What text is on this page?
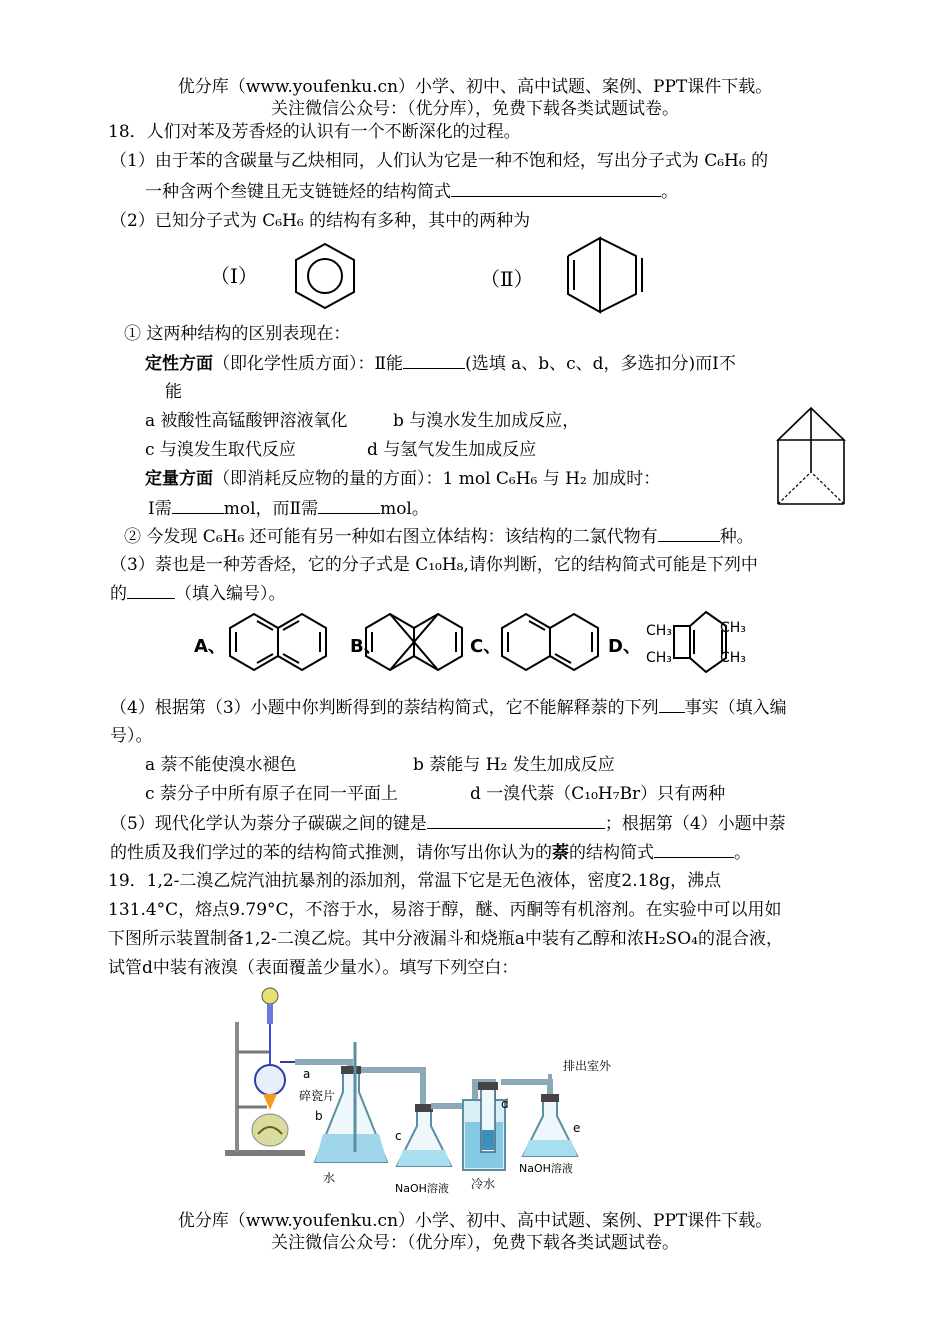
优分库（www.youfenku.cn）小学、初中、高中试题、案例、PPT课件下载。
关注微信公众号：（优分库），免费下载各类试题试卷。
18．人们对苯及芳香烃的认识有一个不断深化的过程。
（1）由于苯的含碳量与乙炔相同，人们认为它是一种不饱和烃，写出分子式为 C₆H₆ 的
一种含两个叁键且无支链链烃的结构简式	。
（2）已知分子式为 C₆H₆ 的结构有多种，其中的两种为
（Ⅰ）	（Ⅱ）
① 这两种结构的区别表现在：
定性方面（即化学性质方面）：Ⅱ能	(选填 a、b、c、d，多选扣分)而Ⅰ不
能
a 被酸性高锰酸钾溶液氧化	b 与溴水发生加成反应，
c 与溴发生取代反应	d 与氢气发生加成反应
定量方面（即消耗反应物的量的方面）：1 mol C₆H₆ 与 H₂ 加成时：
Ⅰ需	mol，而Ⅱ需	mol。
② 今发现 C₆H₆ 还可能有另一种如右图立体结构：该结构的二氯代物有	种。
（3）萘也是一种芳香烃，它的分子式是 C₁₀H₈,请你判断，它的结构简式可能是下列中
的	（填入编号）。
A、	B、	C、	D、
CH₃
CH₃
CH₃
CH₃
（4）根据第（3）小题中你判断得到的萘结构简式，它不能解释萘的下列 事实（填入编
号）。
a 萘不能使溴水褪色	b 萘能与 H₂ 发生加成反应
c 萘分子中所有原子在同一平面上	d 一溴代萘（C₁₀H₇Br）只有两种
（5）现代化学认为萘分子碳碳之间的键是	；根据第（4）小题中萘
的性质及我们学过的苯的结构简式推测，请你写出你认为的萘的结构简式	。
19．1,2-二溴乙烷汽油抗暴剂的添加剂，常温下它是无色液体，密度2.18g，沸点
131.4°C，熔点9.79°C，不溶于水，易溶于醇，醚、丙酮等有机溶剂。在实验中可以用如
下图所示装置制备1,2-二溴乙烷。其中分液漏斗和烧瓶a中装有乙醇和浓H₂SO₄的混合液，
试管d中装有液溴（表面覆盖少量水）。填写下列空白：
a
碎瓷片
b
c
d
e
水
NaOH溶液 冷水
NaOH溶液
排出室外
优分库（www.youfenku.cn）小学、初中、高中试题、案例、PPT课件下载。
关注微信公众号：（优分库），免费下载各类试题试卷。
